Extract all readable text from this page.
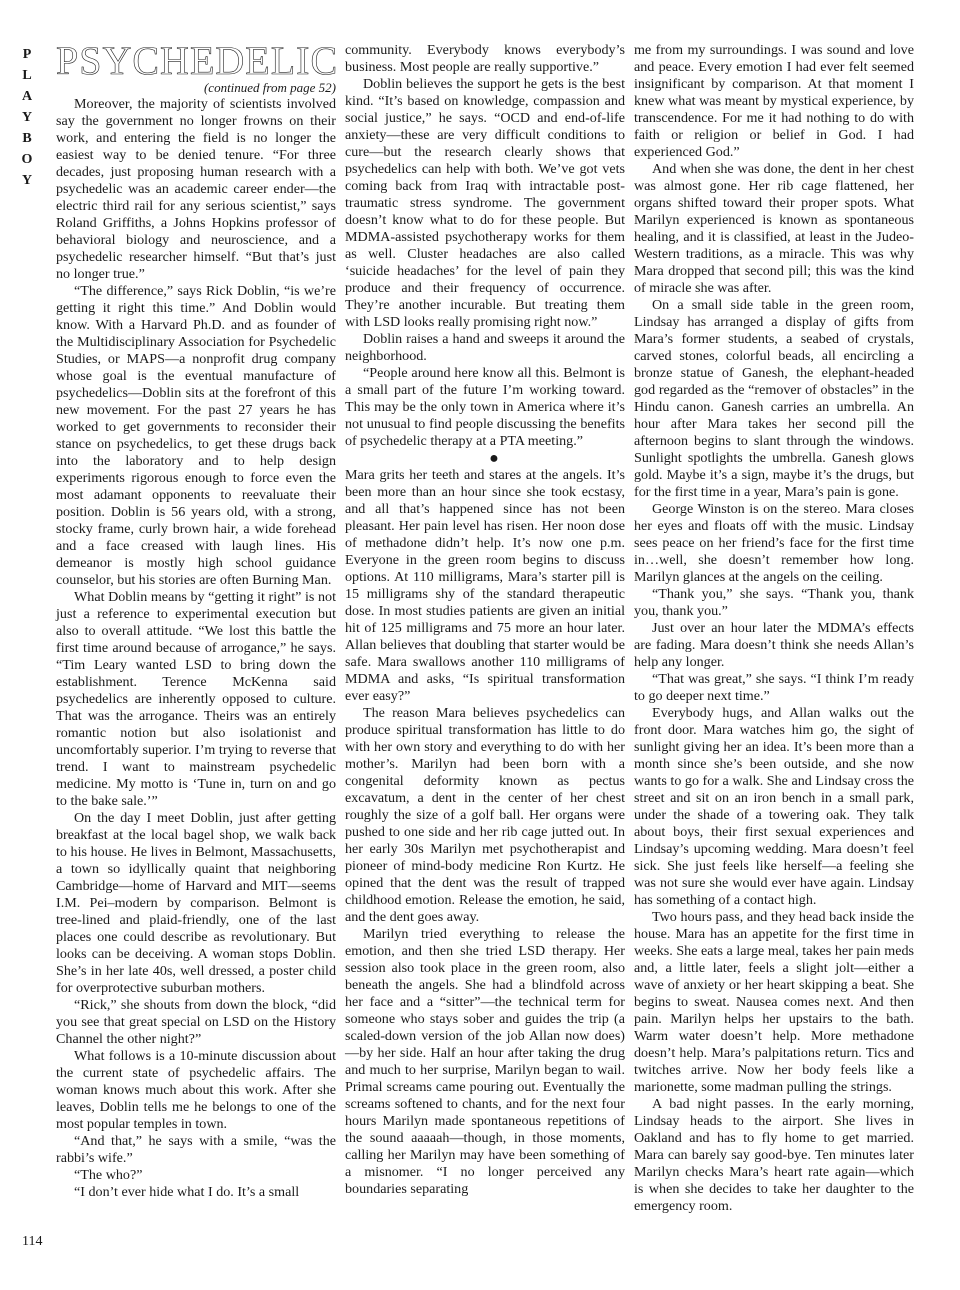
P
L
A
Y
B
O
Y
114
PSYCHEDELIC

(continued from page 52)

Moreover, the majority of scientists involved say the government no longer frowns on their work, and entering the field is no longer the easiest way to be denied tenure. “For three decades, just proposing human research with a psychedelic was an academic career ender—the electric third rail for any serious scientist,” says Roland Griffiths, a Johns Hopkins professor of behavioral biology and neuroscience, and a psychedelic researcher himself. “But that’s just no longer true.”

“The difference,” says Rick Doblin, “is we’re getting it right this time.” And Doblin would know. With a Harvard Ph.D. and as founder of the Multidisciplinary Association for Psychedelic Studies, or MAPS—a nonprofit drug company whose goal is the eventual manufacture of psychedelics—Doblin sits at the forefront of this new movement. For the past 27 years he has worked to get governments to reconsider their stance on psychedelics, to get these drugs back into the laboratory and to help design experiments rigorous enough to force even the most adamant opponents to reevaluate their position. Doblin is 56 years old, with a strong, stocky frame, curly brown hair, a wide forehead and a face creased with laugh lines. His demeanor is mostly high school guidance counselor, but his stories are often Burning Man.

What Doblin means by “getting it right” is not just a reference to experimental execution but also to overall attitude. “We lost this battle the first time around because of arrogance,” he says. “Tim Leary wanted LSD to bring down the establishment. Terence McKenna said psychedelics are inherently opposed to culture. That was the arrogance. Theirs was an entirely romantic notion but also isolationist and uncomfortably superior. I’m trying to reverse that trend. I want to mainstream psychedelic medicine. My motto is ‘Tune in, turn on and go to the bake sale.’”

On the day I meet Doblin, just after getting breakfast at the local bagel shop, we walk back to his house. He lives in Belmont, Massachusetts, a town so idyllically quaint that neighboring Cambridge—home of Harvard and MIT—seems I.M. Pei–modern by comparison. Belmont is tree-lined and plaid-friendly, one of the last places one could describe as revolutionary. But looks can be deceiving. A woman stops Doblin. She’s in her late 40s, well dressed, a poster child for overprotective suburban mothers.

“Rick,” she shouts from down the block, “did you see that great special on LSD on the History Channel the other night?”

What follows is a 10-minute discussion about the current state of psychedelic affairs. The woman knows much about this work. After she leaves, Doblin tells me he belongs to one of the most popular temples in town.

“And that,” he says with a smile, “was the rabbi’s wife.”

“The who?”

“I don’t ever hide what I do. It’s a small

community. Everybody knows everybody’s business. Most people are really supportive.”

Doblin believes the support he gets is the best kind. “It’s based on knowledge, compassion and social justice,” he says. “OCD and end-of-life anxiety—these are very difficult conditions to cure—but the research clearly shows that psychedelics can help with both. We’ve got vets coming back from Iraq with intractable post-traumatic stress syndrome. The government doesn’t know what to do for these people. But MDMA-assisted psychotherapy works for them as well. Cluster headaches are also called ‘suicide headaches’ for the level of pain they produce and their frequency of occurrence. They’re another incurable. But treating them with LSD looks really promising right now.”

Doblin raises a hand and sweeps it around the neighborhood.

“People around here know all this. Belmont is a small part of the future I’m working toward. This may be the only town in America where it’s not unusual to find people discussing the benefits of psychedelic therapy at a PTA meeting.”

●

Mara grits her teeth and stares at the angels. It’s been more than an hour since she took ecstasy, and all that’s happened since has not been pleasant. Her pain level has risen. Her noon dose of methadone didn’t help. It’s now one p.m. Everyone in the green room begins to discuss options. At 110 milligrams, Mara’s starter pill is 15 milligrams shy of the standard therapeutic dose. In most studies patients are given an initial hit of 125 milligrams and 75 more an hour later. Allan believes that doubling that starter would be safe. Mara swallows another 110 milligrams of MDMA and asks, “Is spiritual transformation ever easy?”

The reason Mara believes psychedelics can produce spiritual transformation has little to do with her own story and everything to do with her mother’s. Marilyn had been born with a congenital deformity known as pectus excavatum, a dent in the center of her chest roughly the size of a golf ball. Her organs were pushed to one side and her rib cage jutted out. In her early 30s Marilyn met psychotherapist and pioneer of mind-body medicine Ron Kurtz. He opined that the dent was the result of trapped childhood emotion. Release the emotion, he said, and the dent goes away.

Marilyn tried everything to release the emotion, and then she tried LSD therapy. Her session also took place in the green room, also beneath the angels. She had a blindfold across her face and a “sitter”—the technical term for someone who stays sober and guides the trip (a scaled-down version of the job Allan now does)—by her side. Half an hour after taking the drug and much to her surprise, Marilyn began to wail. Primal screams came pouring out. Eventually the screams softened to chants, and for the next four hours Marilyn made spontaneous repetitions of the sound aaaaah—though, in those moments, calling her Marilyn may have been something of a misnomer. “I no longer perceived any boundaries separating

me from my surroundings. I was sound and love and peace. Every emotion I had ever felt seemed insignificant by comparison. At that moment I knew what was meant by mystical experience, by transcendence. For me it had nothing to do with faith or religion or belief in God. I had experienced God.”

And when she was done, the dent in her chest was almost gone. Her rib cage flattened, her organs shifted toward their proper spots. What Marilyn experienced is known as spontaneous healing, and it is classified, at least in the Judeo-Western traditions, as a miracle. This was why Mara dropped that second pill; this was the kind of miracle she was after.

On a small side table in the green room, Lindsay has arranged a display of gifts from Mara’s former students, a seabed of crystals, carved stones, colorful beads, all encircling a bronze statue of Ganesh, the elephant-headed god regarded as the “remover of obstacles” in the Hindu canon. Ganesh carries an umbrella. An hour after Mara takes her second pill the afternoon begins to slant through the windows. Sunlight spotlights the umbrella. Ganesh glows gold. Maybe it’s a sign, maybe it’s the drugs, but for the first time in a year, Mara’s pain is gone.

George Winston is on the stereo. Mara closes her eyes and floats off with the music. Lindsay sees peace on her friend’s face for the first time in…well, she doesn’t remember how long. Marilyn glances at the angels on the ceiling.

“Thank you,” she says. “Thank you, thank you, thank you.”

Just over an hour later the MDMA’s effects are fading. Mara doesn’t think she needs Allan’s help any longer.

“That was great,” she says. “I think I’m ready to go deeper next time.”

Everybody hugs, and Allan walks out the front door. Mara watches him go, the sight of sunlight giving her an idea. It’s been more than a month since she’s been outside, and she now wants to go for a walk. She and Lindsay cross the street and sit on an iron bench in a small park, under the shade of a towering oak. They talk about boys, their first sexual experiences and Lindsay’s upcoming wedding. Mara doesn’t feel sick. She just feels like herself—a feeling she was not sure she would ever have again. Lindsay has something of a contact high.

Two hours pass, and they head back inside the house. Mara has an appetite for the first time in weeks. She eats a large meal, takes her pain meds and, a little later, feels a slight jolt—either a wave of anxiety or her heart skipping a beat. She begins to sweat. Nausea comes next. And then pain. Marilyn helps her upstairs to the bath. Warm water doesn’t help. More methadone doesn’t help. Mara’s palpitations return. Tics and twitches arrive. Now her body feels like a marionette, some madman pulling the strings.

A bad night passes. In the early morning, Lindsay heads to the airport. She lives in Oakland and has to fly home to get married. Mara can barely say good-bye. Ten minutes later Marilyn checks Mara’s heart rate again—which is when she decides to take her daughter to the emergency room.
